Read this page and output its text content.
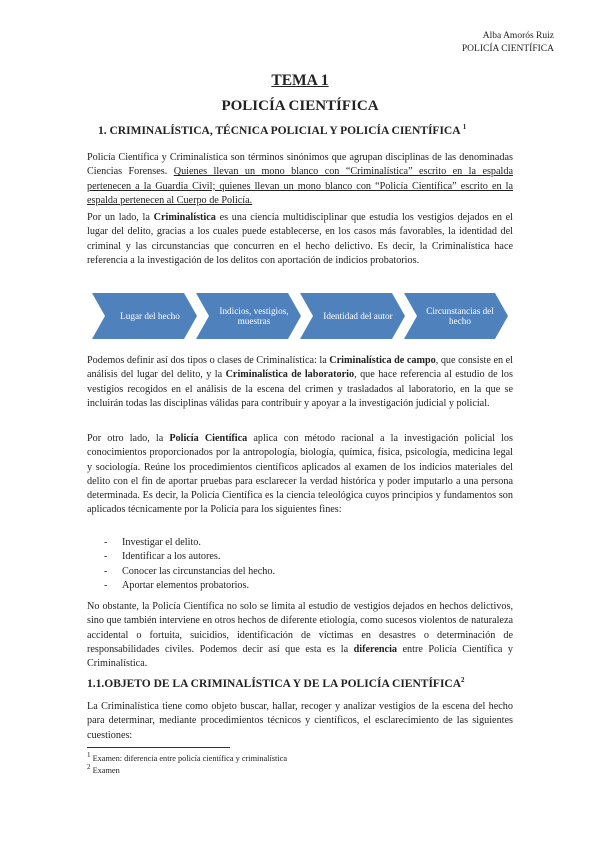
Alba Amorós Ruiz
POLICÍA CIENTÍFICA
TEMA 1
POLICÍA CIENTÍFICA
1. CRIMINALÍSTICA, TÉCNICA POLICIAL Y POLICÍA CIENTÍFICA $^1$

Policía Científica y Criminalística son términos sinónimos que agrupan disciplinas de las denominadas Ciencias Forenses. Quienes llevan un mono blanco con “Criminalística” escrito en la espalda pertenecen a la Guardia Civil; quienes llevan un mono blanco con “Policía Científica” escrito en la espalda pertenecen al Cuerpo de Policía.

Por un lado, la Criminalística es una ciencia multidisciplinar que estudia los vestigios dejados en el lugar del delito, gracias a los cuales puede establecerse, en los casos más favorables, la identidad del criminal y las circunstancias que concurren en el hecho delictivo. Es decir, la Criminalística hace referencia a la investigación de los delitos con aportación de indicios probatorios.

Lugar del hecho
Indicios, vestigios, muestras
Identidad del autor
Circunstancias del hecho

Podemos definir así dos tipos o clases de Criminalística: la Criminalística de campo, que consiste en el análisis del lugar del delito, y la Criminalística de laboratorio, que hace referencia al estudio de los vestigios recogidos en el análisis de la escena del crimen y trasladados al laboratorio, en la que se incluirán todas las disciplinas válidas para contribuir y apoyar a la investigación judicial y policial.

Por otro lado, la Policía Científica aplica con método racional a la investigación policial los conocimientos proporcionados por la antropología, biología, química, física, psicología, medicina legal y sociología. Reúne los procedimientos científicos aplicados al examen de los indicios materiales del delito con el fin de aportar pruebas para esclarecer la verdad histórica y poder imputarlo a una persona determinada. Es decir, la Policía Científica es la ciencia teleológica cuyos principios y fundamentos son aplicados técnicamente por la Policía para los siguientes fines:

- Investigar el delito.
- Identificar a los autores.
- Conocer las circunstancias del hecho.
- Aportar elementos probatorios.

No obstante, la Policía Científica no solo se limita al estudio de vestigios dejados en hechos delictivos, sino que también interviene en otros hechos de diferente etiología, como sucesos violentos de naturaleza accidental o fortuita, suicidios, identificación de víctimas en desastres o determinación de responsabilidades civiles. Podemos decir así que esta es la diferencia entre Policía Científica y Criminalística.

1.1.OBJETO DE LA CRIMINALÍSTICA Y DE LA POLICÍA CIENTÍFICA$^2$

La Criminalística tiene como objeto buscar, hallar, recoger y analizar vestigios de la escena del hecho para determinar, mediante procedimientos técnicos y científicos, el esclarecimiento de las siguientes cuestiones:

$^1$ Examen: diferencia entre policía científica y criminalística
$^2$ Examen
